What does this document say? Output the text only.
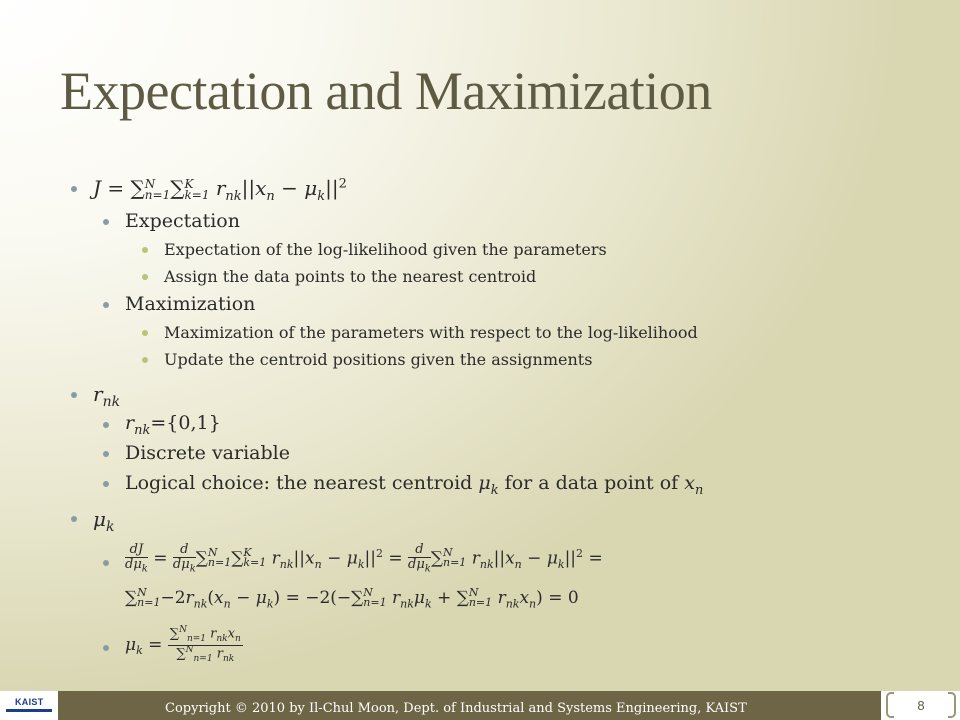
Expectation and Maximization
J = ∑ N
n=1 ∑ K
k=1 $r_{nk}||x_n - \mu_k||^2$
Expectation
Expectation of the log-likelihood given the parameters
Assign the data points to the nearest centroid
Maximization
Maximization of the parameters with respect to the log-likelihood
Update the centroid positions given the assignments
$r_{nk}$
$r_{nk}=\{0,1\}$
Discrete variable
Logical choice: the nearest centroid $\mu_k$ for a data point of $x_n$
$\mu_k$
$\frac{dJ}{d\mu_k} = \frac{d}{d\mu_k}$ ∑ N
n=1 ∑ K
k=1 $r_{nk}||x_n - \mu_k||^2 = \frac{d}{d\mu_k}$ ∑ N
n=1 $r_{nk}||x_n - \mu_k||^2$ =
∑ N
$n=1 -2r_{nk}(x_n - \mu_k) = -2(-\sum$ N
n=1 $r_{nk}\mu_k$ + ∑ N
n=1 $r_{nk}x_n) = 0$
$\mu_k = \frac{\sum^N_{n=1} r_{nk}x_n}{\sum^N_{n=1} r_{nk}}$
KAIST	Copyright © 2010 by Il-Chul Moon, Dept. of Industrial and Systems Engineering, KAIST	8
